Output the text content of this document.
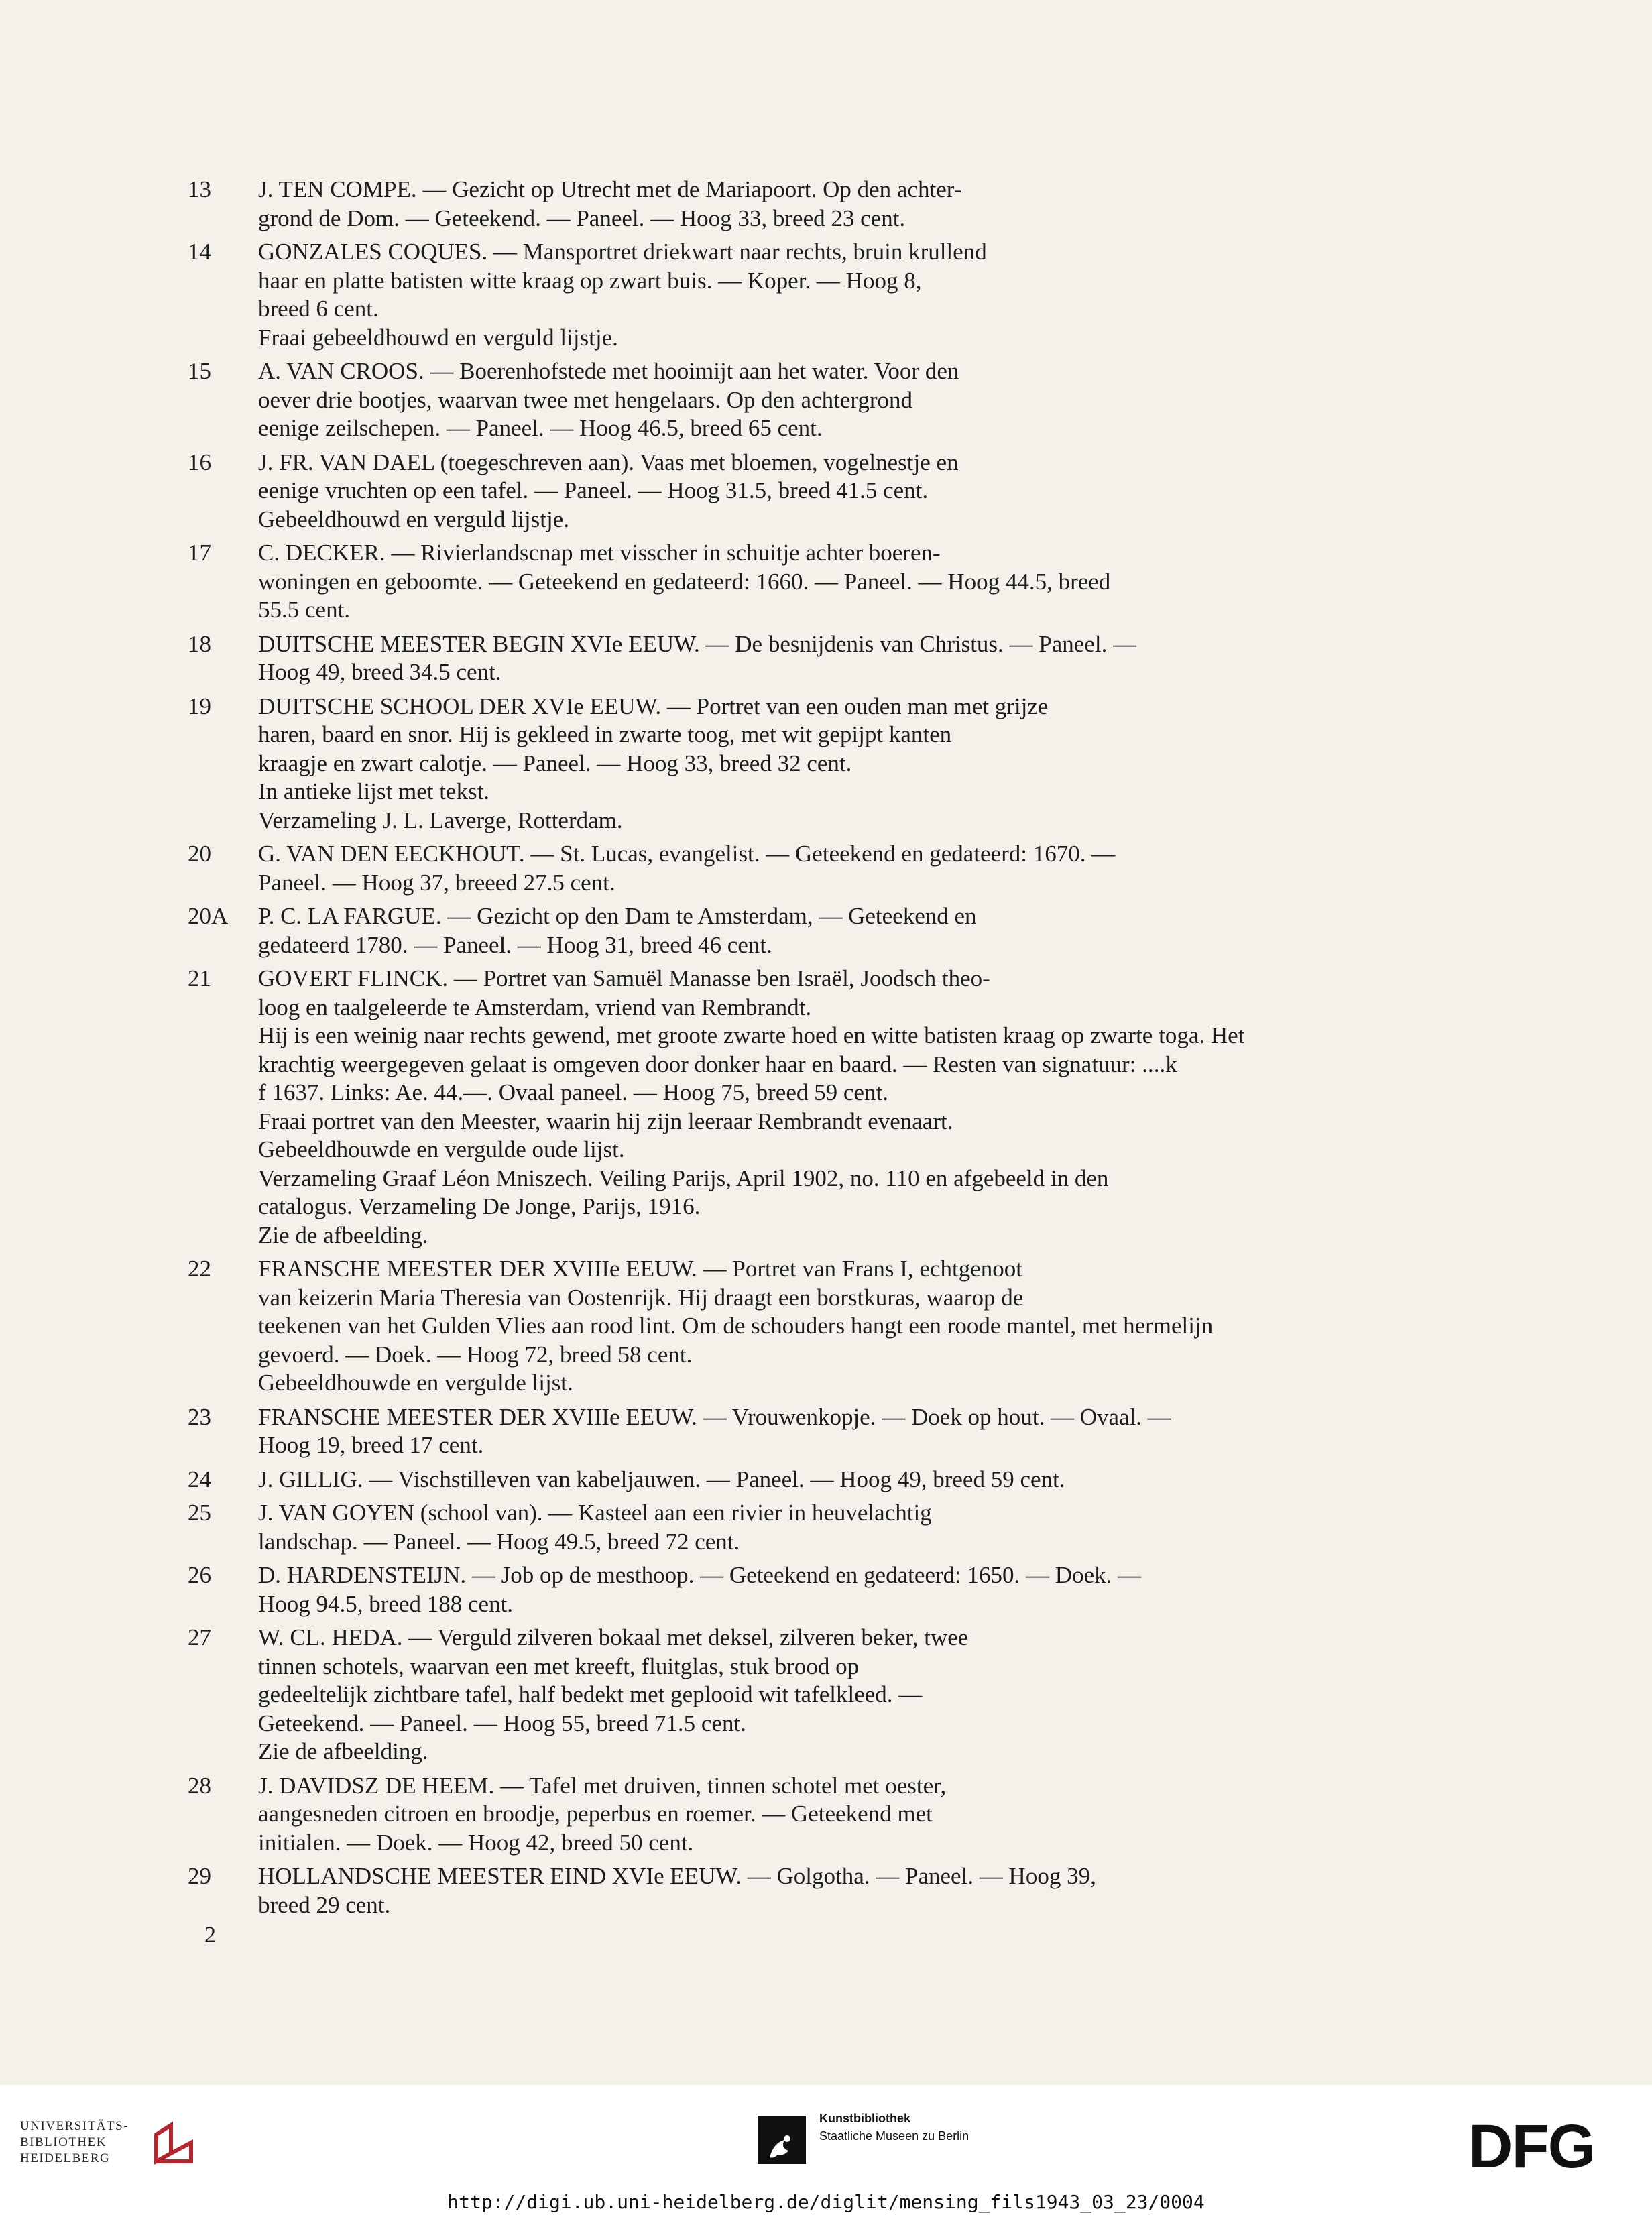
13	J. TEN COMPE. — Gezicht op Utrecht met de Mariapoort. Op den achter-
grond de Dom. — Geteekend. — Paneel. — Hoog 33, breed 23 cent.
14	GONZALES COQUES. — Mansportret driekwart naar rechts, bruin krullend
haar en platte batisten witte kraag op zwart buis. — Koper. — Hoog 8,
breed 6 cent.
Fraai gebeeldhouwd en verguld lijstje.
15	A. VAN CROOS. — Boerenhofstede met hooimijt aan het water. Voor den
oever drie bootjes, waarvan twee met hengelaars. Op den achtergrond
eenige zeilschepen. — Paneel. — Hoog 46.5, breed 65 cent.
16	J. FR. VAN DAEL (toegeschreven aan). Vaas met bloemen, vogelnestje en
eenige vruchten op een tafel. — Paneel. — Hoog 31.5, breed 41.5 cent.
Gebeeldhouwd en verguld lijstje.
17	C. DECKER. — Rivierlandscnap met visscher in schuitje achter boeren-
woningen en geboomte. — Geteekend en gedateerd: 1660. — Paneel. — Hoog 44.5, breed
55.5 cent.
18	DUITSCHE MEESTER BEGIN XVIe EEUW. — De besnijdenis van Christus. — Paneel. —
Hoog 49, breed 34.5 cent.
19	DUITSCHE SCHOOL DER XVIe EEUW. — Portret van een ouden man met grijze
haren, baard en snor. Hij is gekleed in zwarte toog, met wit gepijpt kanten
kraagje en zwart calotje. — Paneel. — Hoog 33, breed 32 cent.
In antieke lijst met tekst.
Verzameling J. L. Laverge, Rotterdam.
20	G. VAN DEN EECKHOUT. — St. Lucas, evangelist. — Geteekend en gedateerd: 1670. —
Paneel. — Hoog 37, breeed 27.5 cent.
20A	P. C. LA FARGUE. — Gezicht op den Dam te Amsterdam, — Geteekend en
gedateerd 1780. — Paneel. — Hoog 31, breed 46 cent.
21	GOVERT FLINCK. — Portret van Samuël Manasse ben Israël, Joodsch theo-
loog en taalgeleerde te Amsterdam, vriend van Rembrandt.
Hij is een weinig naar rechts gewend, met groote zwarte hoed en witte batisten kraag op zwarte toga. Het
krachtig weergegeven gelaat is omgeven door donker haar en baard. — Resten van signatuur: ....k
f 1637. Links: Ae. 44.—. Ovaal paneel. — Hoog 75, breed 59 cent.
Fraai portret van den Meester, waarin hij zijn leeraar Rembrandt evenaart.
Gebeeldhouwde en vergulde oude lijst.
Verzameling Graaf Léon Mniszech. Veiling Parijs, April 1902, no. 110 en afgebeeld in den
catalogus. Verzameling De Jonge, Parijs, 1916.
Zie de afbeelding.
22	FRANSCHE MEESTER DER XVIIIe EEUW. — Portret van Frans I, echtgenoot
van keizerin Maria Theresia van Oostenrijk. Hij draagt een borstkuras, waarop de
teekenen van het Gulden Vlies aan rood lint. Om de schouders hangt een roode mantel, met hermelijn
gevoerd. — Doek. — Hoog 72, breed 58 cent.
Gebeeldhouwde en vergulde lijst.
23	FRANSCHE MEESTER DER XVIIIe EEUW. — Vrouwenkopje. — Doek op hout. — Ovaal. —
Hoog 19, breed 17 cent.
24	J. GILLIG. — Vischstilleven van kabeljauwen. — Paneel. — Hoog 49, breed 59 cent.
25	J. VAN GOYEN (school van). — Kasteel aan een rivier in heuvelachtig
landschap. — Paneel. — Hoog 49.5, breed 72 cent.
26	D. HARDENSTEIJN. — Job op de mesthoop. — Geteekend en gedateerd: 1650. — Doek. —
Hoog 94.5, breed 188 cent.
27	W. CL. HEDA. — Verguld zilveren bokaal met deksel, zilveren beker, twee
tinnen schotels, waarvan een met kreeft, fluitglas, stuk brood op
gedeeltelijk zichtbare tafel, half bedekt met geplooid wit tafelkleed. —
Geteekend. — Paneel. — Hoog 55, breed 71.5 cent.
Zie de afbeelding.
28	J. DAVIDSZ DE HEEM. — Tafel met druiven, tinnen schotel met oester,
aangesneden citroen en broodje, peperbus en roemer. — Geteekend met
initialen. — Doek. — Hoog 42, breed 50 cent.
29	HOLLANDSCHE MEESTER EIND XVIe EEUW. — Golgotha. — Paneel. — Hoog 39,
breed 29 cent.
2
UNIVERSITÄTS-
BIBLIOTHEK
HEIDELBERG
Kunstbibliothek
Staatliche Museen zu Berlin	DFG
http://digi.ub.uni-heidelberg.de/diglit/mensing_fils1943_03_23/0004
